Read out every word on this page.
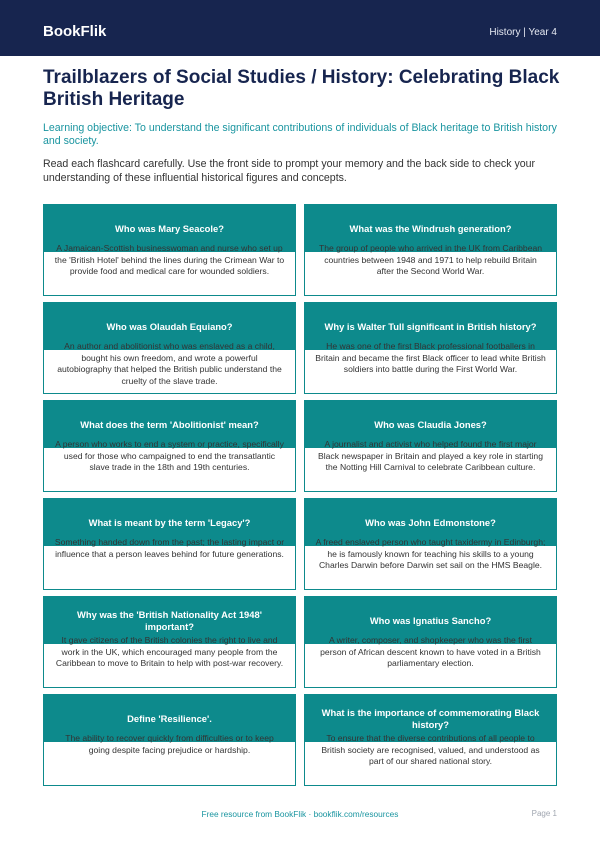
BookFlik	History | Year 4
Trailblazers of Social Studies / History: Celebrating Black British Heritage

Learning objective: To understand the significant contributions of individuals of Black heritage to British history and society.

Read each flashcard carefully. Use the front side to prompt your memory and the back side to check your understanding of these influential historical figures and concepts.

Who was Mary Seacole?
A Jamaican-Scottish businesswoman and nurse who set up the 'British Hotel' behind the lines during the Crimean War to provide food and medical care for wounded soldiers.
What was the Windrush generation?
The group of people who arrived in the UK from Caribbean countries between 1948 and 1971 to help rebuild Britain after the Second World War.
Who was Olaudah Equiano?
An author and abolitionist who was enslaved as a child, bought his own freedom, and wrote a powerful autobiography that helped the British public understand the cruelty of the slave trade.
Why is Walter Tull significant in British history?
He was one of the first Black professional footballers in Britain and became the first Black officer to lead white British soldiers into battle during the First World War.
What does the term 'Abolitionist' mean?
A person who works to end a system or practice, specifically used for those who campaigned to end the transatlantic slave trade in the 18th and 19th centuries.
Who was Claudia Jones?
A journalist and activist who helped found the first major Black newspaper in Britain and played a key role in starting the Notting Hill Carnival to celebrate Caribbean culture.
What is meant by the term 'Legacy'?
Something handed down from the past; the lasting impact or influence that a person leaves behind for future generations.
Who was John Edmonstone?
A freed enslaved person who taught taxidermy in Edinburgh; he is famously known for teaching his skills to a young Charles Darwin before Darwin set sail on the HMS Beagle.
Why was the 'British Nationality Act 1948' important?
It gave citizens of the British colonies the right to live and work in the UK, which encouraged many people from the Caribbean to move to Britain to help with post-war recovery.
Who was Ignatius Sancho?
A writer, composer, and shopkeeper who was the first person of African descent known to have voted in a British parliamentary election.
Define 'Resilience'.
The ability to recover quickly from difficulties or to keep going despite facing prejudice or hardship.
What is the importance of commemorating Black history?
To ensure that the diverse contributions of all people to British society are recognised, valued, and understood as part of our shared national story.
Free resource from BookFlik · bookflik.com/resources	Page 1
